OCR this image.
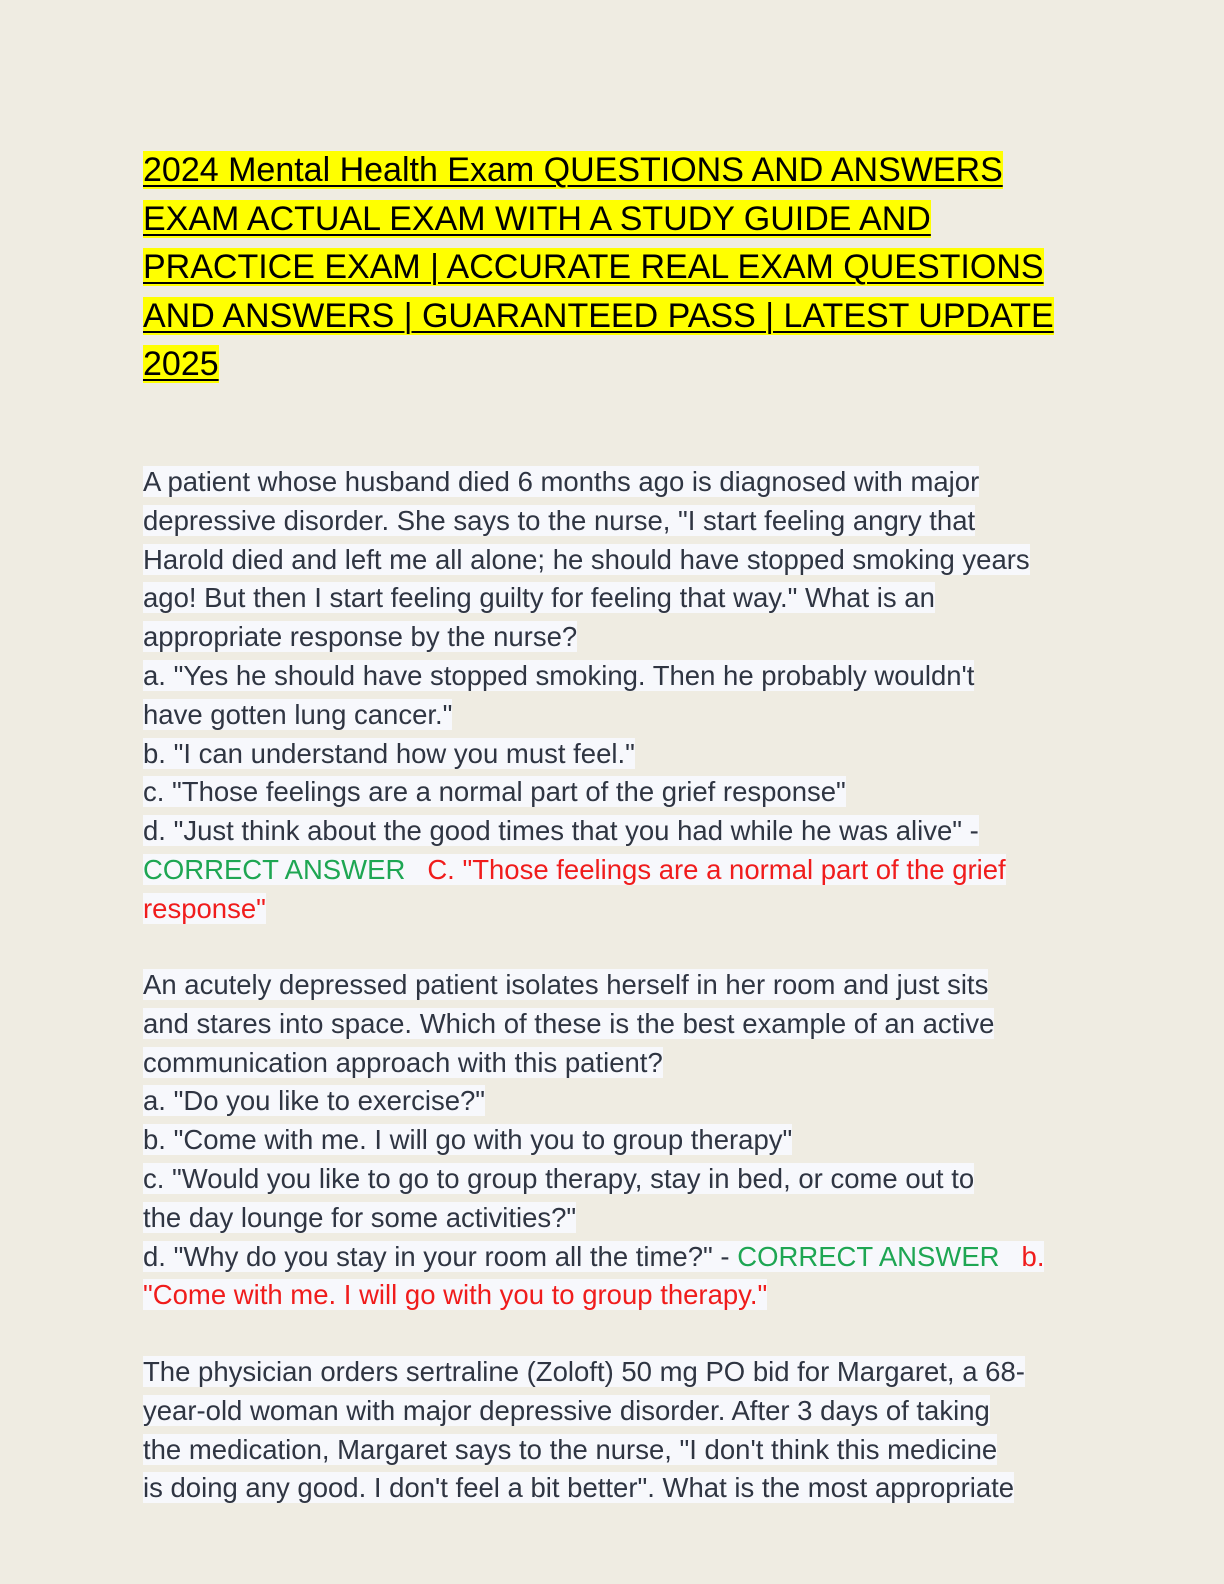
2024 Mental Health Exam QUESTIONS AND ANSWERS
EXAM ACTUAL EXAM WITH A STUDY GUIDE AND
PRACTICE EXAM | ACCURATE REAL EXAM QUESTIONS
AND ANSWERS | GUARANTEED PASS | LATEST UPDATE
2025
A patient whose husband died 6 months ago is diagnosed with major
depressive disorder. She says to the nurse, "I start feeling angry that
Harold died and left me all alone; he should have stopped smoking years
ago! But then I start feeling guilty for feeling that way." What is an
appropriate response by the nurse?
a. "Yes he should have stopped smoking. Then he probably wouldn't
have gotten lung cancer."
b. "I can understand how you must feel."
c. "Those feelings are a normal part of the grief response"
d. "Just think about the good times that you had while he was alive" -
CORRECT ANSWER C. "Those feelings are a normal part of the grief
response"
An acutely depressed patient isolates herself in her room and just sits
and stares into space. Which of these is the best example of an active
communication approach with this patient?
a. "Do you like to exercise?"
b. "Come with me. I will go with you to group therapy"
c. "Would you like to go to group therapy, stay in bed, or come out to
the day lounge for some activities?"
d. "Why do you stay in your room all the time?" - CORRECT ANSWER b.
"Come with me. I will go with you to group therapy."
The physician orders sertraline (Zoloft) 50 mg PO bid for Margaret, a 68-
year-old woman with major depressive disorder. After 3 days of taking
the medication, Margaret says to the nurse, "I don't think this medicine
is doing any good. I don't feel a bit better". What is the most appropriate
